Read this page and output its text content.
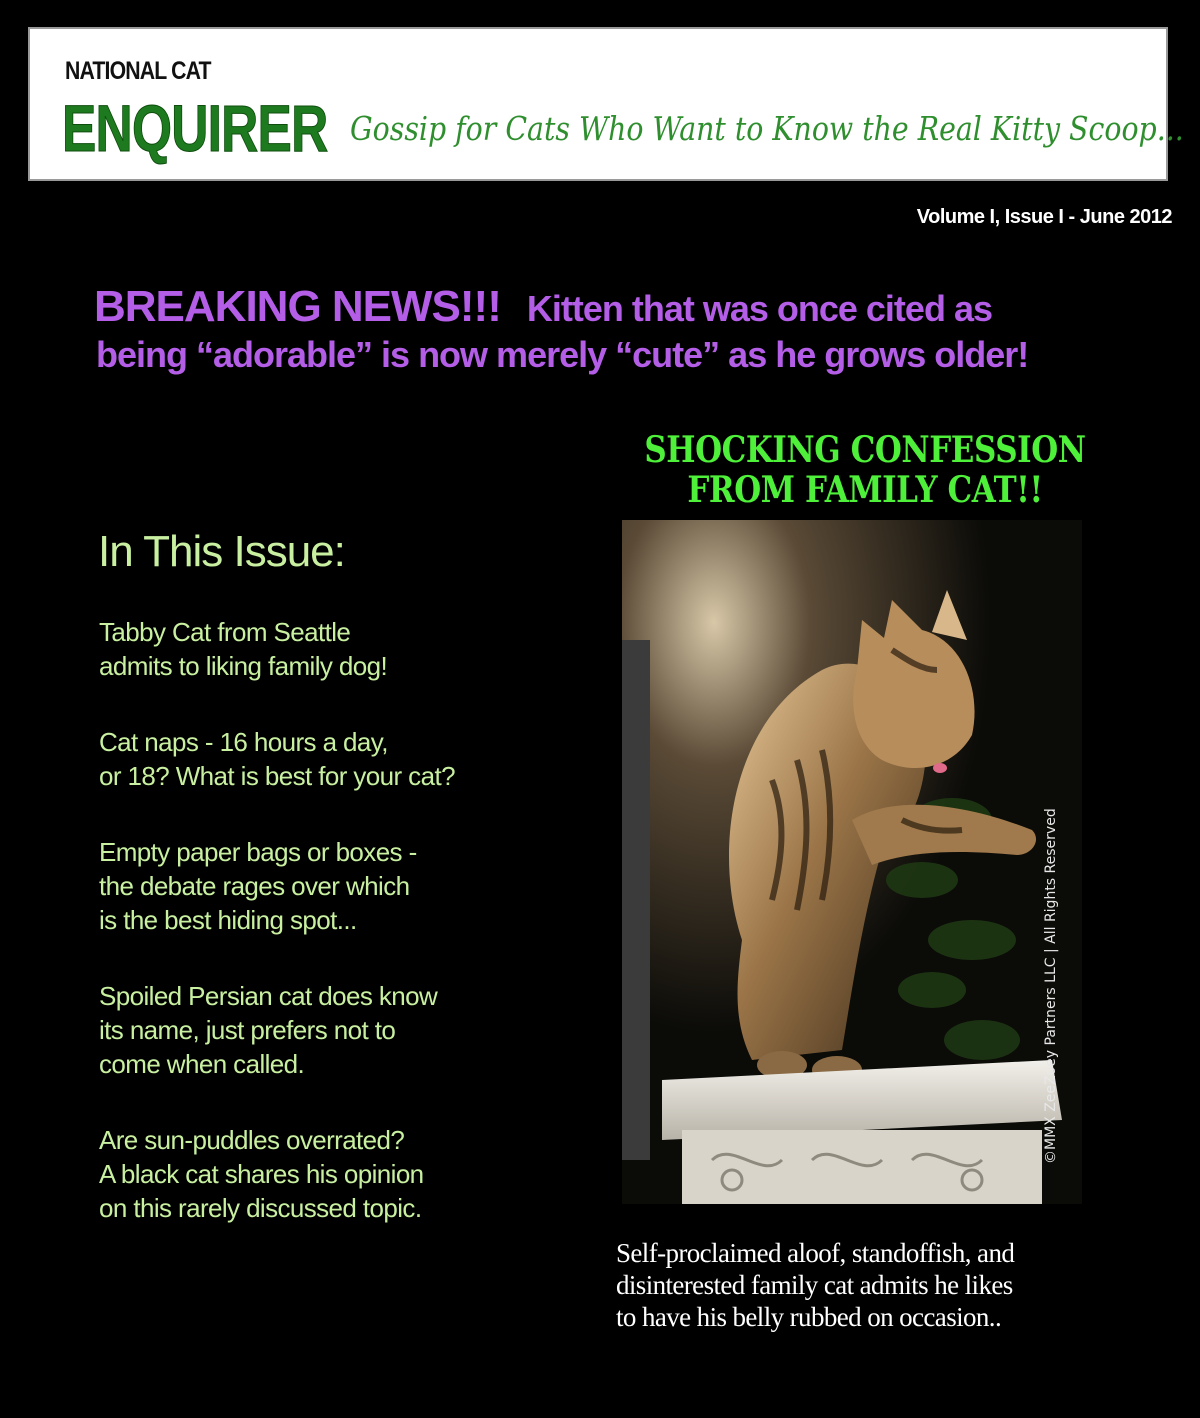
NATIONAL CAT
ENQUIRER Gossip for Cats Who Want to Know the Real Kitty Scoop...
Volume I, Issue I - June 2012
BREAKING NEWS!!! Kitten that was once cited as
being “adorable” is now merely “cute” as he grows older!
In This Issue:
Tabby Cat from Seattle
admits to liking family dog!
Cat naps - 16 hours a day,
or 18? What is best for your cat?
Empty paper bags or boxes -
the debate rages over which
is the best hiding spot...
Spoiled Persian cat does know
its name, just prefers not to
come when called.
Are sun-puddles overrated?
A black cat shares his opinion
on this rarely discussed topic.
SHOCKING CONFESSION
FROM FAMILY CAT!!
©MMX ZeeZoey Partners LLC | All Rights Reserved
Self-proclaimed aloof, standoffish, and
disinterested family cat admits he likes
to have his belly rubbed on occasion..
